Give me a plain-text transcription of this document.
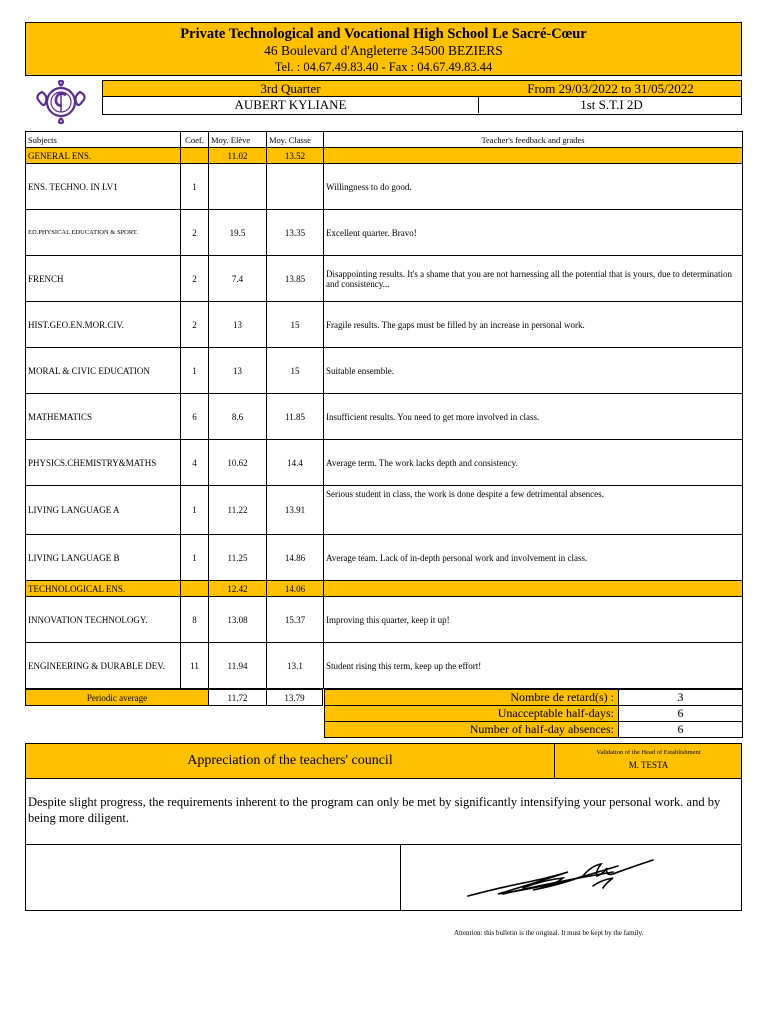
Private Technological and Vocational High School Le Sacré-Cœur
46 Boulevard d'Angleterre 34500 BEZIERS
Tel. : 04.67.49.83.40 - Fax : 04.67.49.83.44
3rd Quarter	From 29/03/2022 to 31/05/2022
AUBERT KYLIANE	1st S.T.I 2D
Subjects	Coef.	Moy. Elève	Moy. Classe	Teacher's feedback and grades
GENERAL ENS.		11.02	13.52	
ENS. TECHNO. IN LV1	1			Willingness to do good.
ED.PHYSICAL EDUCATION & SPORT.	2	19.5	13.35	Excellent quarter. Bravo!
FRENCH	2	7.4	13.85	Disappointing results. It's a shame that you are not harnessing all the potential that is yours, due to determination and consistency...
HIST.GEO.EN.MOR.CIV.	2	13	15	Fragile results. The gaps must be filled by an increase in personal work.
MORAL & CIVIC EDUCATION	1	13	15	Suitable ensemble.
MATHEMATICS	6	8.6	11.85	Insufficient results. You need to get more involved in class.
PHYSICS.CHEMISTRY&MATHS	4	10.62	14.4	Average term. The work lacks depth and consistency.
LIVING LANGUAGE A	1	11.22	13.91	Serious student in class, the work is done despite a few detrimental absences.
LIVING LANGUAGE B	1	11.25	14.86	Average team. Lack of in-depth personal work and involvement in class.
TECHNOLOGICAL ENS.		12.42	14.06	
INNOVATION TECHNOLOGY.	8	13.08	15.37	Improving this quarter, keep it up!
ENGINEERING & DURABLE DEV.	11	11.94	13.1	Student rising this term, keep up the effort!
Periodic average	11.72	13.79	Nombre de retard(s) :	3
Unacceptable half-days:	6
Number of half-day absences:	6
Appreciation of the teachers' council
Validation of the Head of Establishment
M. TESTA
Despite slight progress, the requirements inherent to the program can only be met by significantly intensifying your personal work. and by being more diligent.
Attention: this bulletin is the original. It must be kept by the family.
